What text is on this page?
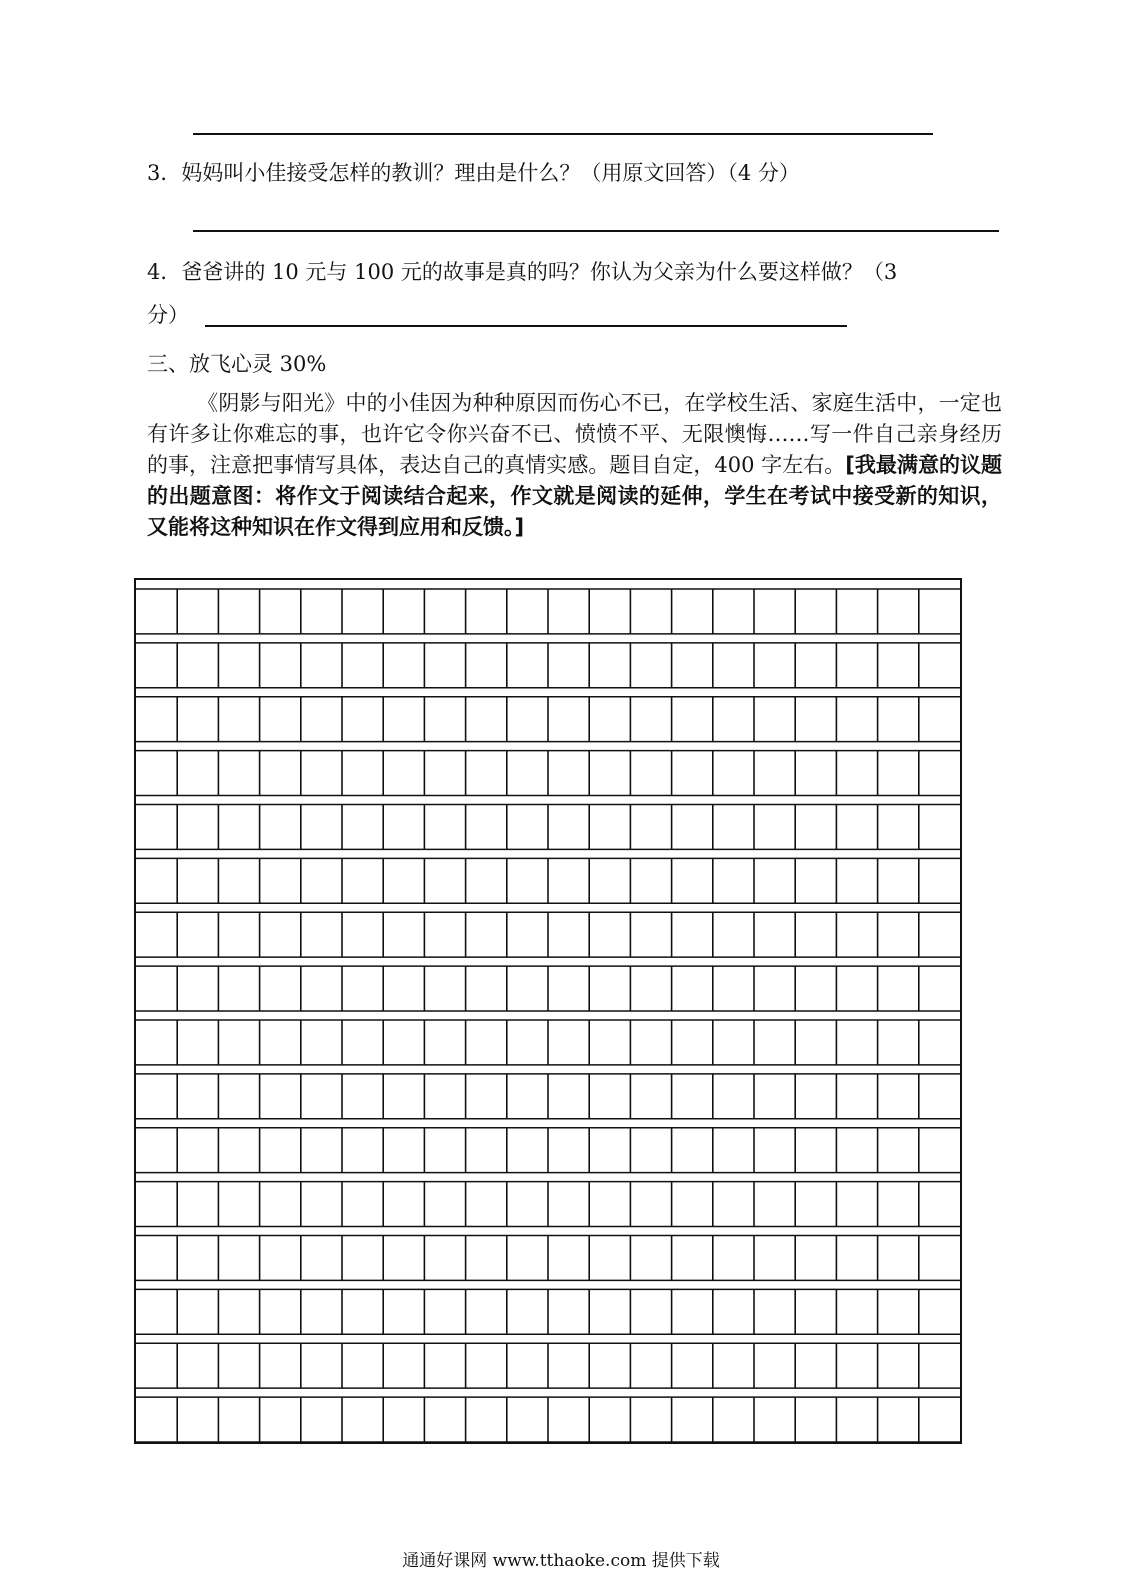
3．妈妈叫小佳接受怎样的教训？理由是什么？（用原文回答）（4 分）
4．爸爸讲的 10 元与 100 元的故事是真的吗？你认为父亲为什么要这样做？（3
分）
三、放飞心灵 30%
《阴影与阳光》中的小佳因为种种原因而伤心不已，在学校生活、家庭生活中，一定也有许多让你难忘的事，也许它令你兴奋不已、愤愤不平、无限懊悔……写一件自己亲身经历的事，注意把事情写具体，表达自己的真情实感。题目自定，400 字左右。[我最满意的议题的出题意图：将作文于阅读结合起来，作文就是阅读的延伸，学生在考试中接受新的知识，又能将这种知识在作文得到应用和反馈。]
通通好课网 www.tthaoke.com 提供下载
